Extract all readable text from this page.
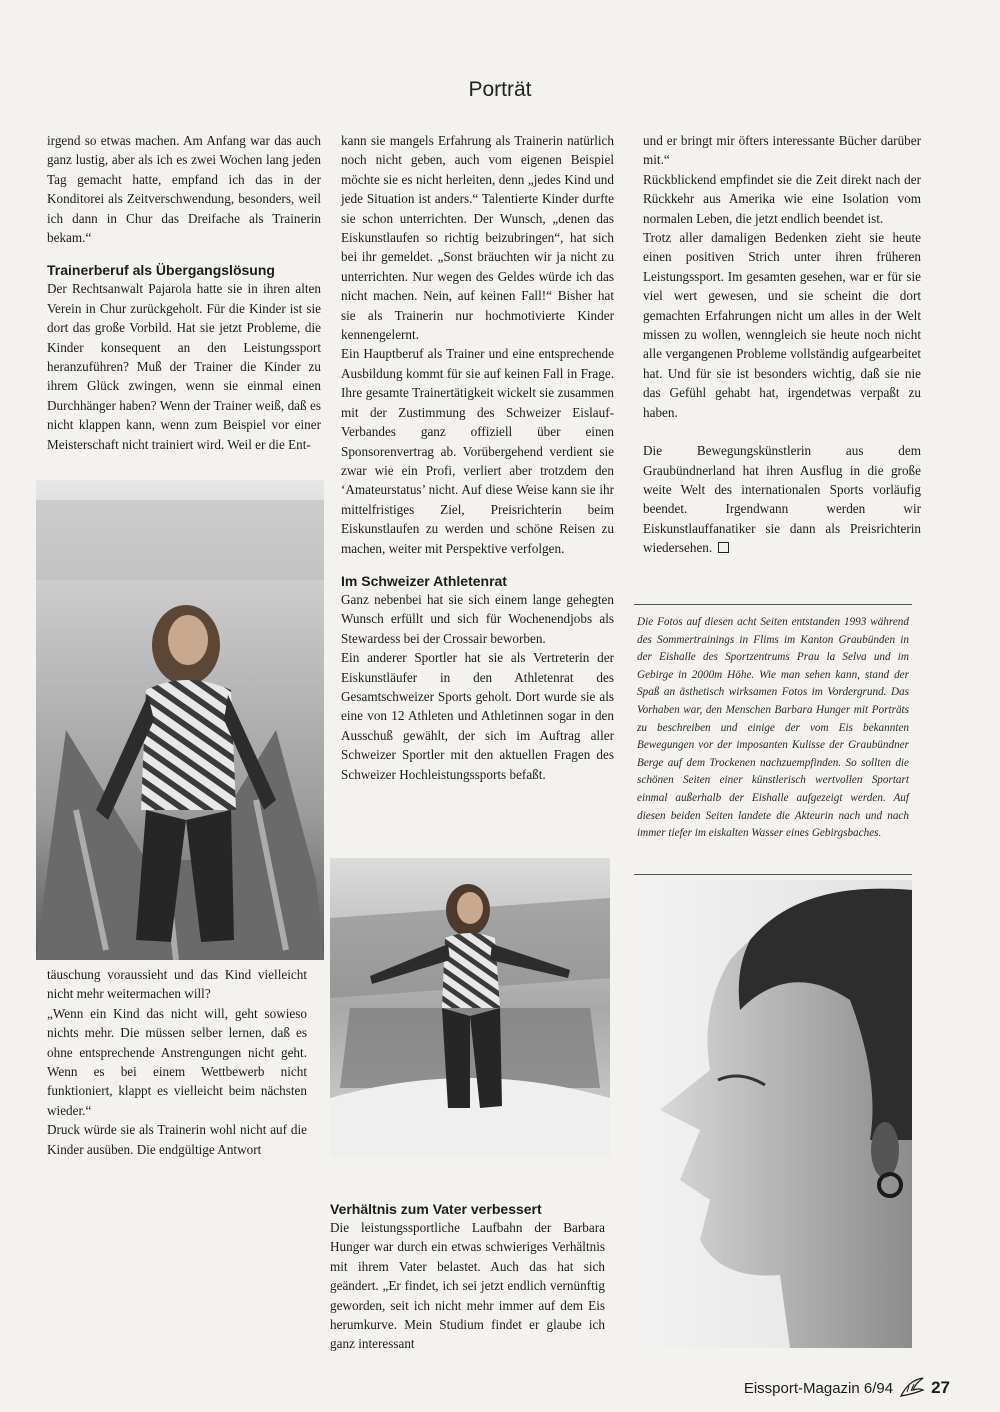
Porträt

irgend so etwas machen. Am Anfang war das auch ganz lustig, aber als ich es zwei Wochen lang jeden Tag gemacht hatte, empfand ich das in der Konditorei als Zeitverschwendung, besonders, weil ich dann in Chur das Dreifache als Trainerin bekam.“

Trainerberuf als Übergangslösung

Der Rechtsanwalt Pajarola hatte sie in ihren alten Verein in Chur zurückgeholt. Für die Kinder ist sie dort das große Vorbild. Hat sie jetzt Probleme, die Kinder konsequent an den Leistungssport heranzuführen? Muß der Trainer die Kinder zu ihrem Glück zwingen, wenn sie einmal einen Durchhänger haben? Wenn der Trainer weiß, daß es nicht klappen kann, wenn zum Beispiel vor einer Meisterschaft nicht trainiert wird. Weil er die Ent-

täuschung voraussieht und das Kind vielleicht nicht mehr weitermachen will?

„Wenn ein Kind das nicht will, geht sowieso nichts mehr. Die müssen selber lernen, daß es ohne entsprechende Anstrengungen nicht geht. Wenn es bei einem Wettbewerb nicht funktioniert, klappt es vielleicht beim nächsten wieder.“

Druck würde sie als Trainerin wohl nicht auf die Kinder ausüben. Die endgültige Antwort

kann sie mangels Erfahrung als Trainerin natürlich noch nicht geben, auch vom eigenen Beispiel möchte sie es nicht herleiten, denn „jedes Kind und jede Situation ist anders.“ Talentierte Kinder durfte sie schon unterrichten. Der Wunsch, „denen das Eiskunstlaufen so richtig beizubringen“, hat sich bei ihr gemeldet. „Sonst bräuchten wir ja nicht zu unterrichten. Nur wegen des Geldes würde ich das nicht machen. Nein, auf keinen Fall!“ Bisher hat sie als Trainerin nur hochmotivierte Kinder kennengelernt.

Ein Hauptberuf als Trainer und eine entsprechende Ausbildung kommt für sie auf keinen Fall in Frage. Ihre gesamte Trainertätigkeit wickelt sie zusammen mit der Zustimmung des Schweizer Eislauf-Verbandes ganz offiziell über einen Sponsorenvertrag ab. Vorübergehend verdient sie zwar wie ein Profi, verliert aber trotzdem den ‘Amateurstatus’ nicht. Auf diese Weise kann sie ihr mittelfristiges Ziel, Preisrichterin beim Eiskunstlaufen zu werden und schöne Reisen zu machen, weiter mit Perspektive verfolgen.

Im Schweizer Athletenrat

Ganz nebenbei hat sie sich einem lange gehegten Wunsch erfüllt und sich für Wochenendjobs als Stewardess bei der Crossair beworben.

Ein anderer Sportler hat sie als Vertreterin der Eiskunstläufer in den Athletenrat des Gesamtschweizer Sports geholt. Dort wurde sie als eine von 12 Athleten und Athletinnen sogar in den Ausschuß gewählt, der sich im Auftrag aller Schweizer Sportler mit den aktuellen Fragen des Schweizer Hochleistungssports befaßt.

Verhältnis zum Vater verbessert

Die leistungssportliche Laufbahn der Barbara Hunger war durch ein etwas schwieriges Verhältnis mit ihrem Vater belastet. Auch das hat sich geändert. „Er findet, ich sei jetzt endlich vernünftig geworden, seit ich nicht mehr immer auf dem Eis herumkurve. Mein Studium findet er glaube ich ganz interessant

und er bringt mir öfters interessante Bücher darüber mit.“

Rückblickend empfindet sie die Zeit direkt nach der Rückkehr aus Amerika wie eine Isolation vom normalen Leben, die jetzt endlich beendet ist.

Trotz aller damaligen Bedenken zieht sie heute einen positiven Strich unter ihren früheren Leistungssport. Im gesamten gesehen, war er für sie viel wert gewesen, und sie scheint die dort gemachten Erfahrungen nicht um alles in der Welt missen zu wollen, wenngleich sie heute noch nicht alle vergangenen Probleme vollständig aufgearbeitet hat. Und für sie ist besonders wichtig, daß sie nie das Gefühl gehabt hat, irgendetwas verpaßt zu haben.

Die Bewegungskünstlerin aus dem Graubündnerland hat ihren Ausflug in die große weite Welt des internationalen Sports vorläufig beendet. Irgendwann werden wir Eiskunstlauffanatiker sie dann als Preisrichterin wiedersehen.

Die Fotos auf diesen acht Seiten entstanden 1993 während des Sommertrainings in Flims im Kanton Graubünden in der Eishalle des Sportzentrums Prau la Selva und im Gebirge in 2000m Höhe. Wie man sehen kann, stand der Spaß an ästhetisch wirksamen Fotos im Vordergrund. Das Vorhaben war, den Menschen Barbara Hunger mit Porträts zu beschreiben und einige der vom Eis bekannten Bewegungen vor der imposanten Kulisse der Graubündner Berge auf dem Trockenen nachzuempfinden. So sollten die schönen Seiten einer künstlerisch wertvollen Sportart einmal außerhalb der Eishalle aufgezeigt werden. Auf diesen beiden Seiten landete die Akteurin nach und nach immer tiefer im eiskalten Wasser eines Gebirgsbaches.

Eissport-Magazin 6/94 27
